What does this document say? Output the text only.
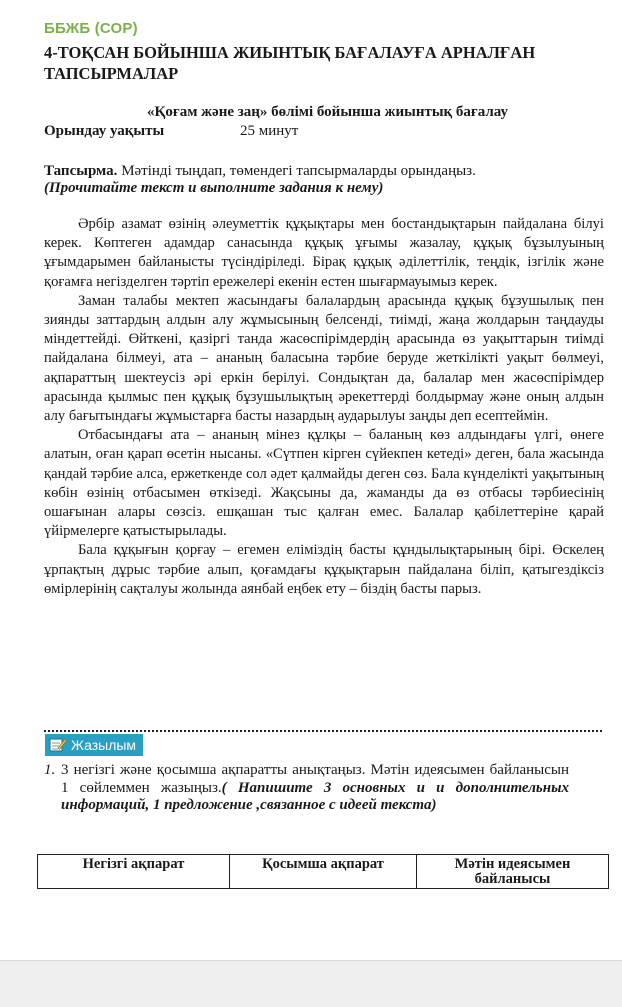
ББЖБ (СОР)
4-ТОҚСАН БОЙЫНША ЖИЫНТЫҚ БАҒАЛАУҒА АРНАЛҒАН ТАПСЫРМАЛАР
«Қоғам және заң» бөлімі бойынша жиынтық бағалау
Орындау уақыты	25 минут
Тапсырма. Мәтінді тыңдап, төмендегі тапсырмаларды орындаңыз.
(Прочитайте текст и выполните задания к нему)

Әрбір азамат өзінің әлеуметтік құқықтары мен бостандықтарын пайдалана білуі керек. Көптеген адамдар санасында құқық ұғымы жазалау, құқық бұзылуының ұғымдарымен байланысты түсіндіріледі. Бірақ құқық әділеттілік, теңдік, ізгілік және қоғамға негізделген тәртіп ережелері екенін естен шығармауымыз керек.

Заман талабы мектеп жасындағы балалардың арасында құқық бұзушылық пен зиянды заттардың алдын алу жұмысының белсенді, тиімді, жаңа жолдарын таңдауды міндеттейді. Өйткені, қазіргі танда жасөспірімдердің арасында өз уақыттарын тиімді пайдалана білмеуі, ата – ананың баласына тәрбие беруде жеткілікті уақыт бөлмеуі, ақпараттың шектеусіз әрі еркін берілуі. Сондықтан да, балалар мен жасөспірімдер арасында қылмыс пен құқық бұзушылықтың әрекеттерді болдырмау және оның алдын алу бағытындағы жұмыстарға басты назардың аударылуы заңды деп есептеймін.

Отбасындағы ата – ананың мінез құлқы – баланың көз алдындағы үлгі, өнеге алатын, оған қарап өсетін нысаны. «Сүтпен кірген сүйекпен кетеді» деген, бала жасында қандай тәрбие алса, ержеткенде сол әдет қалмайды деген сөз. Бала күнделікті уақытының көбін өзінің отбасымен өткізеді. Жақсыны да, жаманды да өз отбасы тәрбиесінің ошағынан алары сөзсіз. ешқашан тыс қалған емес. Балалар қабілеттеріне қарай үйірмелерге қатыстырылады.

Бала құқығын қорғау – егемен еліміздің басты құндылықтарының бірі. Өскелең ұрпақтың дұрыс тәрбие алып, қоғамдағы құқықтарын пайдалана біліп, қатыгездіксіз өмірлерінің сақталуы жолында аянбай еңбек ету – біздің басты парыз.

Жазылым
1. 3 негізгі және қосымша ақпаратты анықтаңыз. Мәтін идеясымен байланысын 1 сөйлеммен жазыңыз.( Напишите 3 основных и и дополнительных информаций, 1 предложение ,связанное с идеей текста)
Негізгі ақпарат	Қосымша ақпарат	Мәтін идеясымен байланысы
